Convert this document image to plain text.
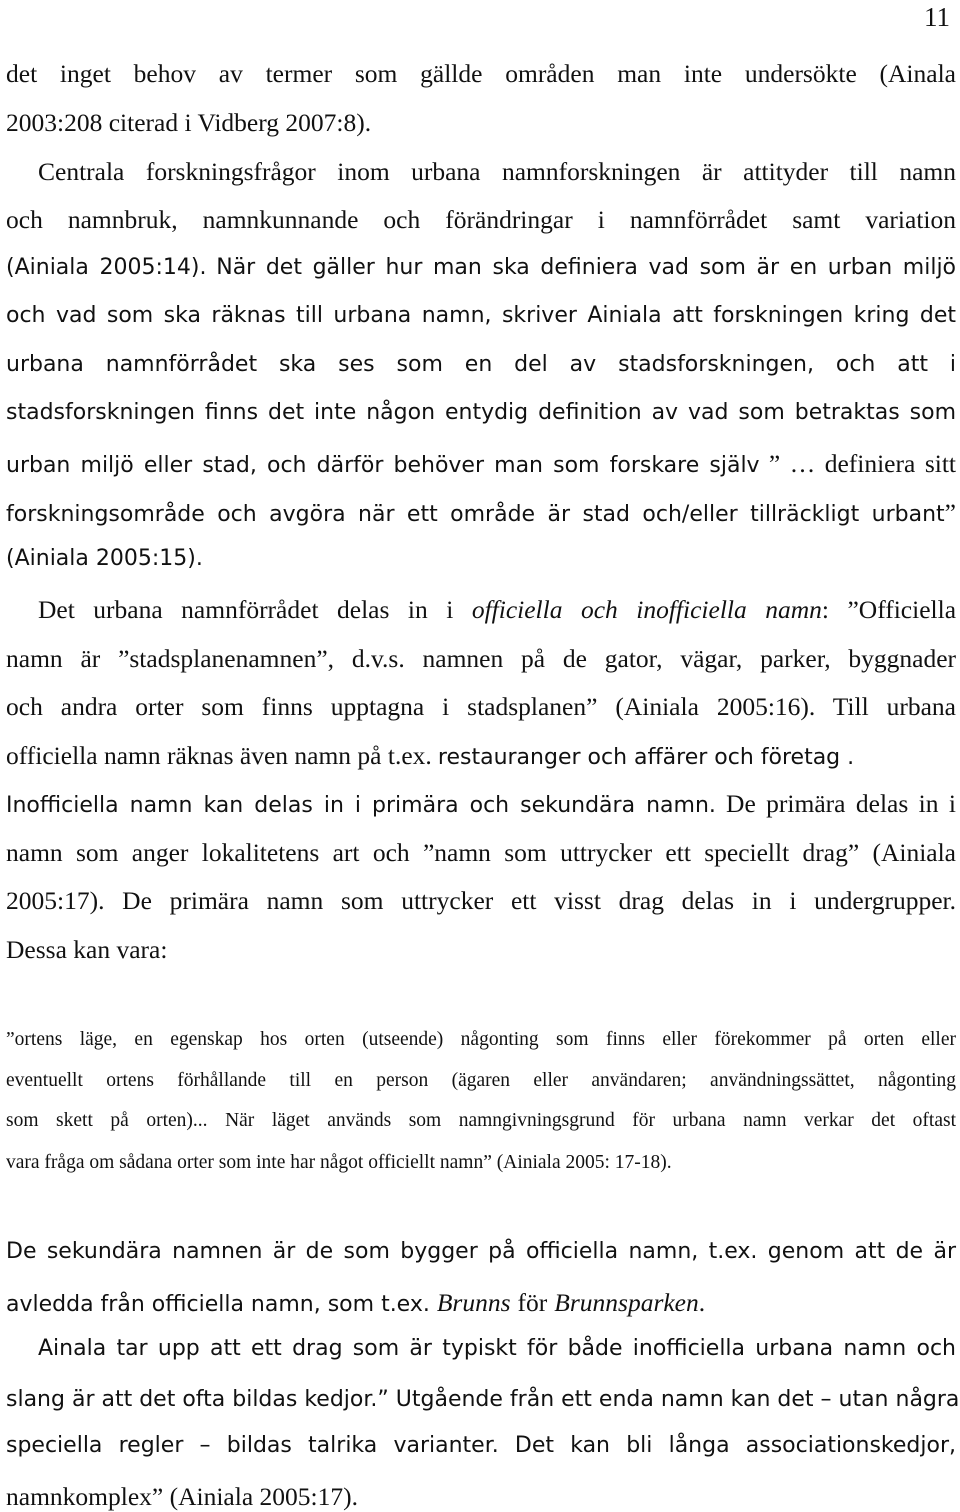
11
det inget behov av termer som gällde områden man inte undersökte (Ainala
2003:208 citerad i Vidberg 2007:8).
Centrala forskningsfrågor inom urbana namnforskningen är attityder till namn
och namnbruk, namnkunnande och förändringar i namnförrådet samt variation
(Ainiala 2005:14). När det gäller hur man ska definiera vad som är en urban miljö
och vad som ska räknas till urbana namn, skriver Ainiala att forskningen kring det
urbana namnförrådet ska ses som en del av stadsforskningen, och att i
stadsforskningen finns det inte någon entydig definition av vad som betraktas som
urban miljö eller stad, och därför behöver man som forskare själv ” … definiera sitt
forskningsområde och avgöra när ett område är stad och/eller tillräckligt urbant”
(Ainiala 2005:15).
Det urbana namnförrådet delas in i officiella och inofficiella namn: ”Officiella
namn är ”stadsplanenamnen”, d.v.s. namnen på de gator, vägar, parker, byggnader
och andra orter som finns upptagna i stadsplanen” (Ainiala 2005:16). Till urbana
officiella namn räknas även namn på t.ex. restauranger och affärer och företag .
Inofficiella namn kan delas in i primära och sekundära namn. De primära delas in i
namn som anger lokalitetens art och ”namn som uttrycker ett speciellt drag” (Ainiala
2005:17). De primära namn som uttrycker ett visst drag delas in i undergrupper.
Dessa kan vara:
”ortens läge, en egenskap hos orten (utseende) någonting som finns eller förekommer på orten eller
eventuellt ortens förhållande till en person (ägaren eller användaren; användningssättet, någonting
som skett på orten)... När läget används som namngivningsgrund för urbana namn verkar det oftast
vara fråga om sådana orter som inte har något officiellt namn” (Ainiala 2005: 17-18).
De sekundära namnen är de som bygger på officiella namn, t.ex. genom att de är
avledda från officiella namn, som t.ex. Brunns för Brunnsparken.
Ainala tar upp att ett drag som är typiskt för både inofficiella urbana namn och
slang är att det ofta bildas kedjor.” Utgående från ett enda namn kan det – utan några
speciella regler – bildas talrika varianter. Det kan bli långa associationskedjor,
namnkomplex” (Ainiala 2005:17).
